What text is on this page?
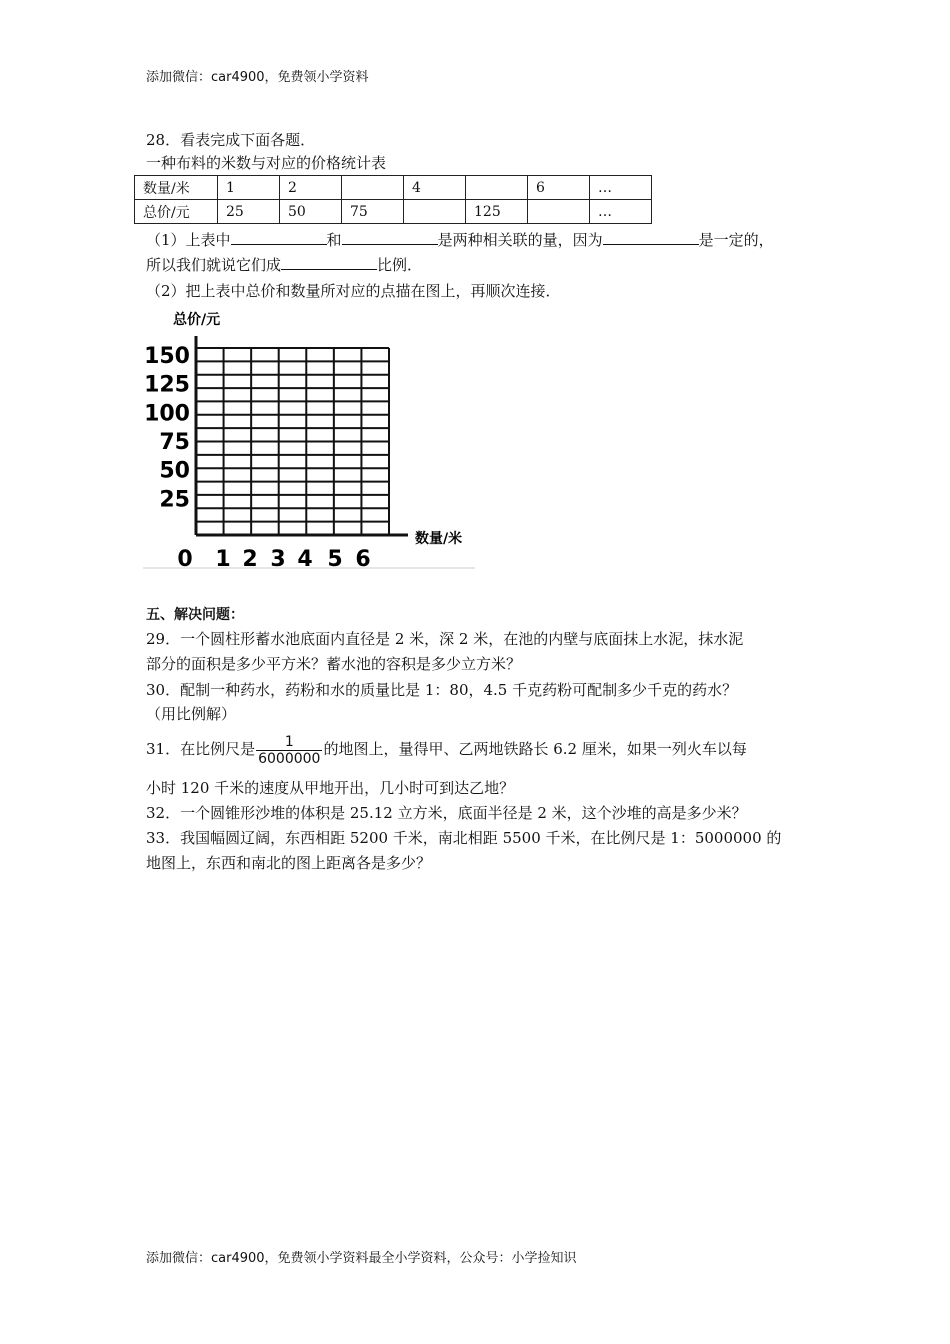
添加微信：car4900，免费领小学资料
28．看表完成下面各题．
一种布料的米数与对应的价格统计表
数量/米	1	2		4		6	…
总价/元	25	50	75		125		…
（1）上表中	和	是两种相关联的量，因为	是一定的，
所以我们就说它们成	比例．
（2）把上表中总价和数量所对应的点描在图上，再顺次连接．
总价/元
150
125
100
75
50
25
0 1 2 3 4 5 6
数量/米
五、解决问题：
29．一个圆柱形蓄水池底面内直径是 2 米，深 2 米，在池的内壁与底面抹上水泥，抹水泥
部分的面积是多少平方米？蓄水池的容积是多少立方米？
30．配制一种药水，药粉和水的质量比是 1：80，4.5 千克药粉可配制多少千克的药水？
（用比例解）
31．在比例尺是 $\frac{1}{6000000}$ 的地图上，量得甲、乙两地铁路长 6.2 厘米，如果一列火车以每
小时 120 千米的速度从甲地开出，几小时可到达乙地？
32．一个圆锥形沙堆的体积是 25.12 立方米，底面半径是 2 米，这个沙堆的高是多少米？
33．我国幅圆辽阔，东西相距 5200 千米，南北相距 5500 千米，在比例尺是 1：5000000 的
地图上，东西和南北的图上距离各是多少？
添加微信：car4900，免费领小学资料最全小学资料，公众号：小学捡知识
